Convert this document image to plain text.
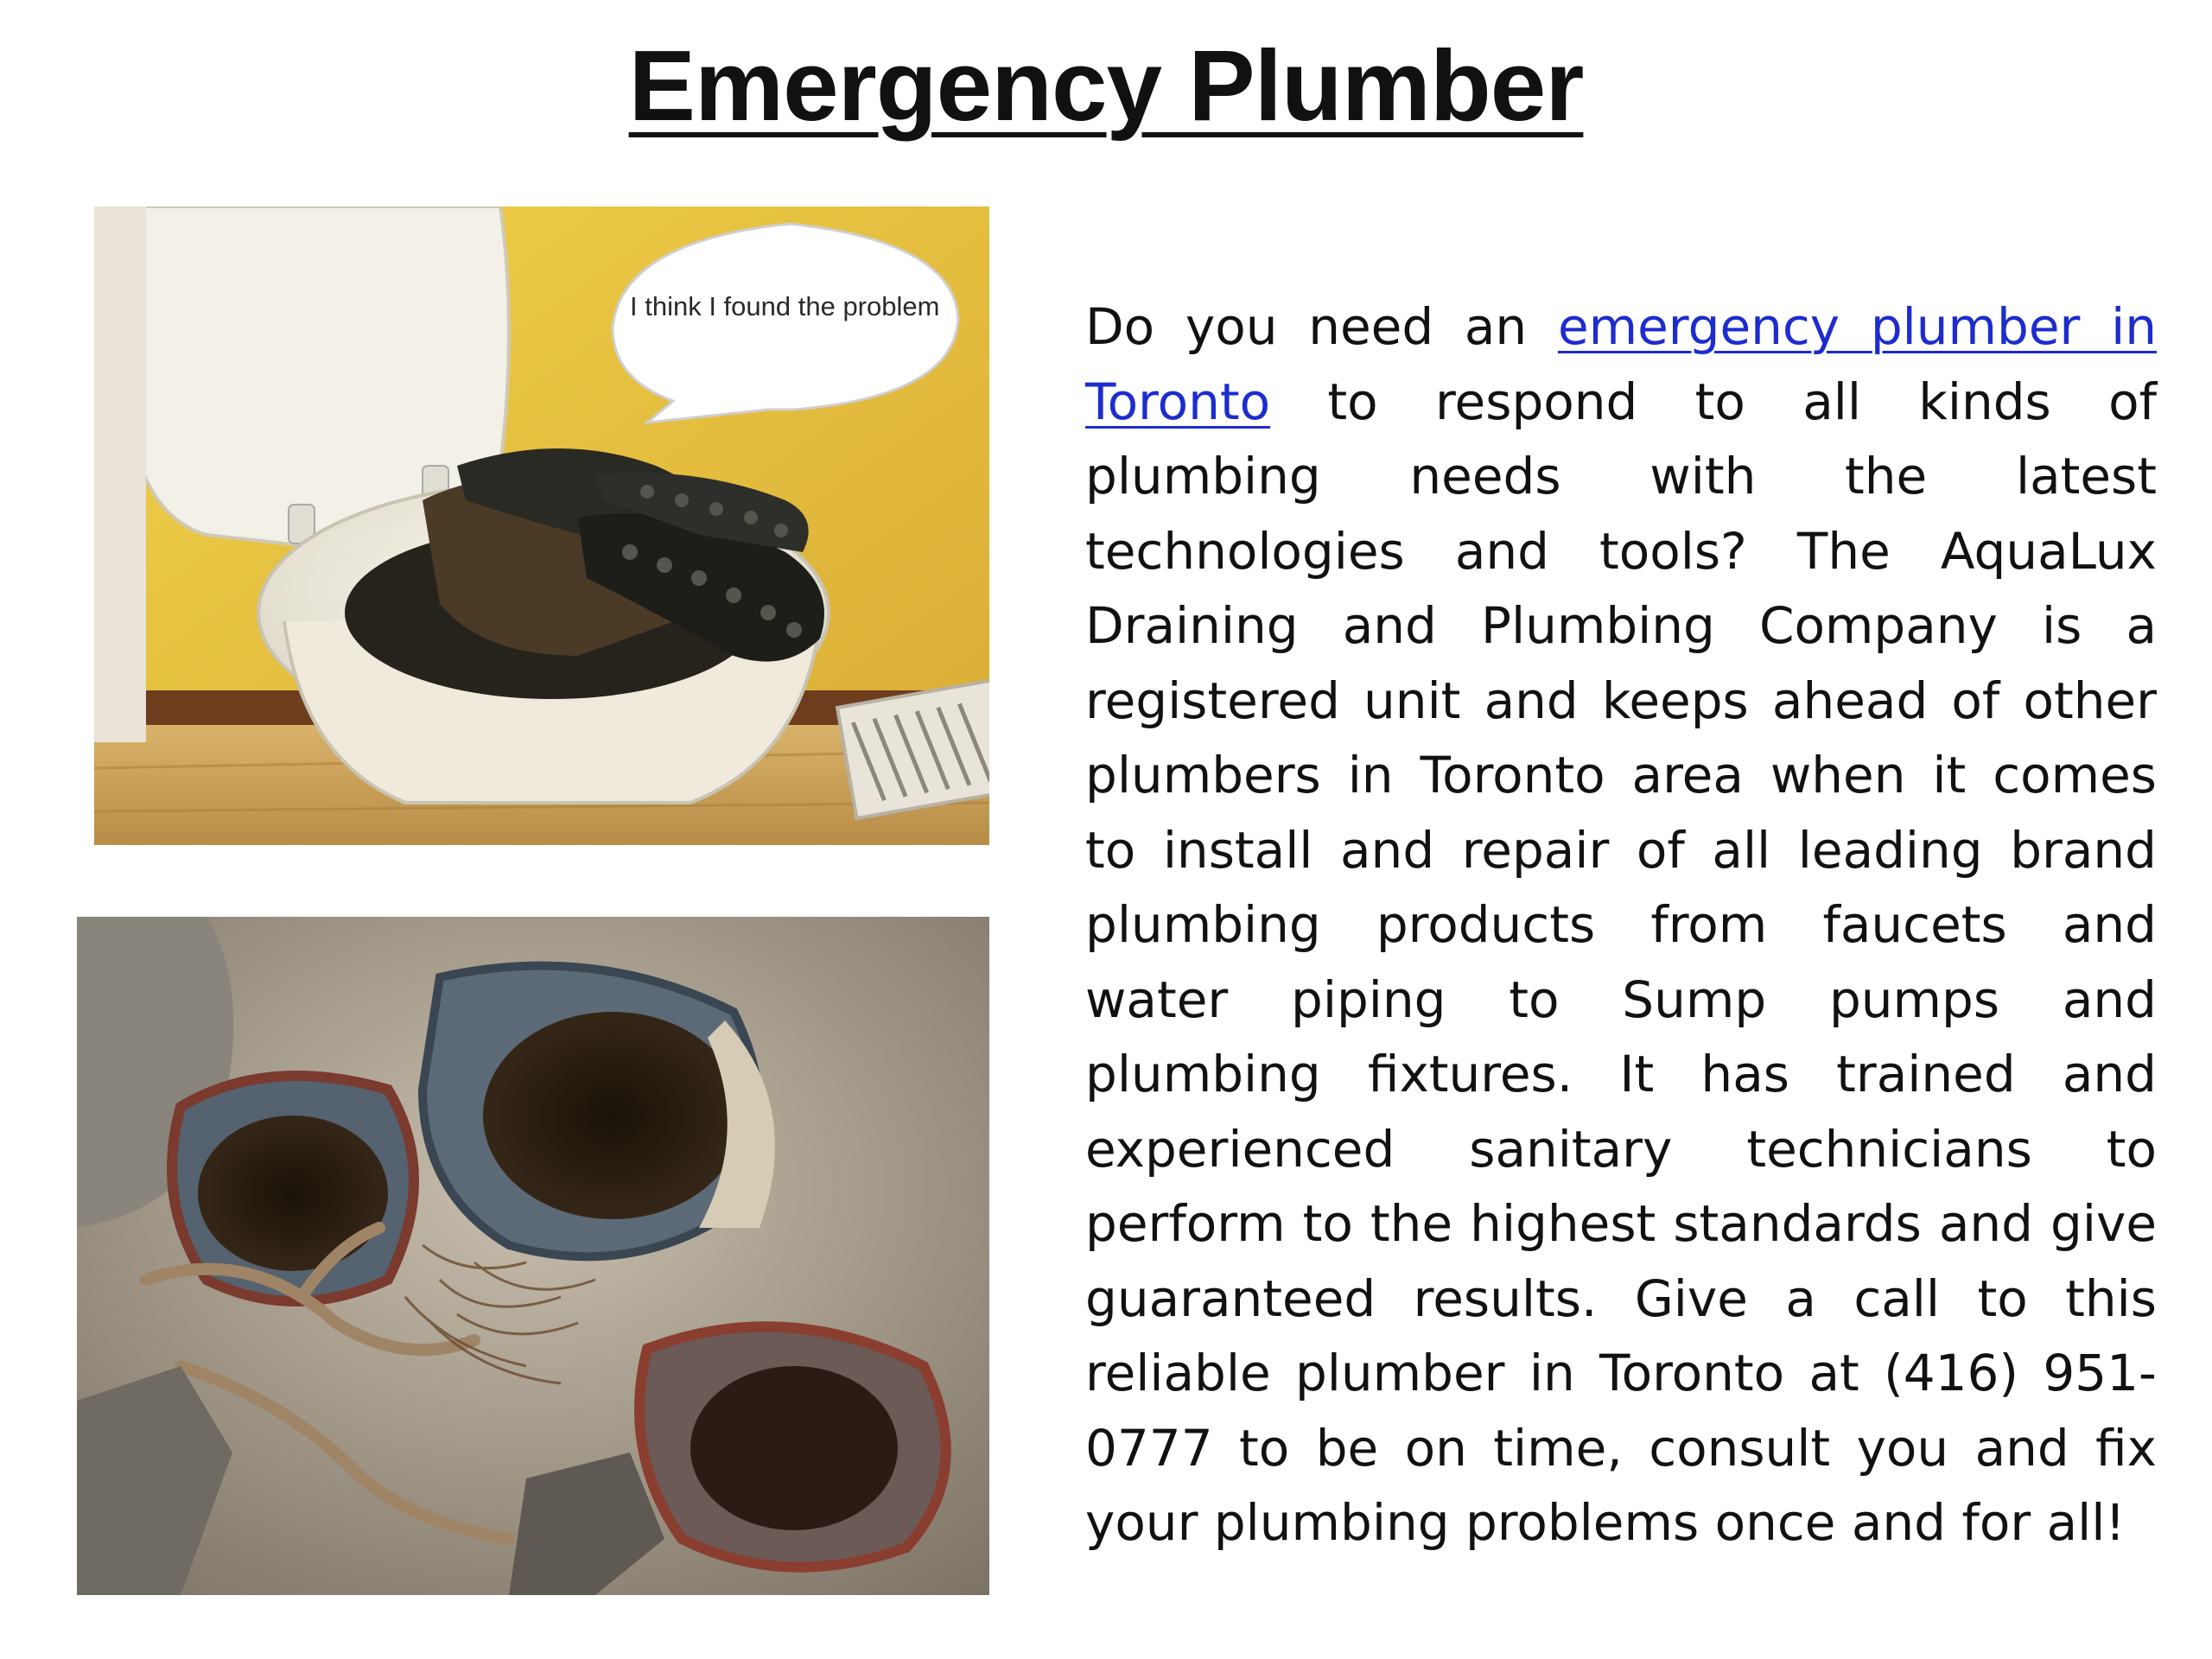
Emergency Plumber
I think I found the problem	Do you need an emergency plumber in Toronto to respond to all kinds of plumbing needs with the latest technologies and tools? The AquaLux Draining and Plumbing Company is a registered unit and keeps ahead of other plumbers in Toronto area when it comes to install and repair of all leading brand plumbing products from faucets and water piping to Sump pumps and plumbing fixtures. It has trained and experienced sanitary technicians to perform to the highest standards and give guaranteed results. Give a call to this reliable plumber in Toronto at (416) 951-0777 to be on time, consult you and fix your plumbing problems once and for all!
